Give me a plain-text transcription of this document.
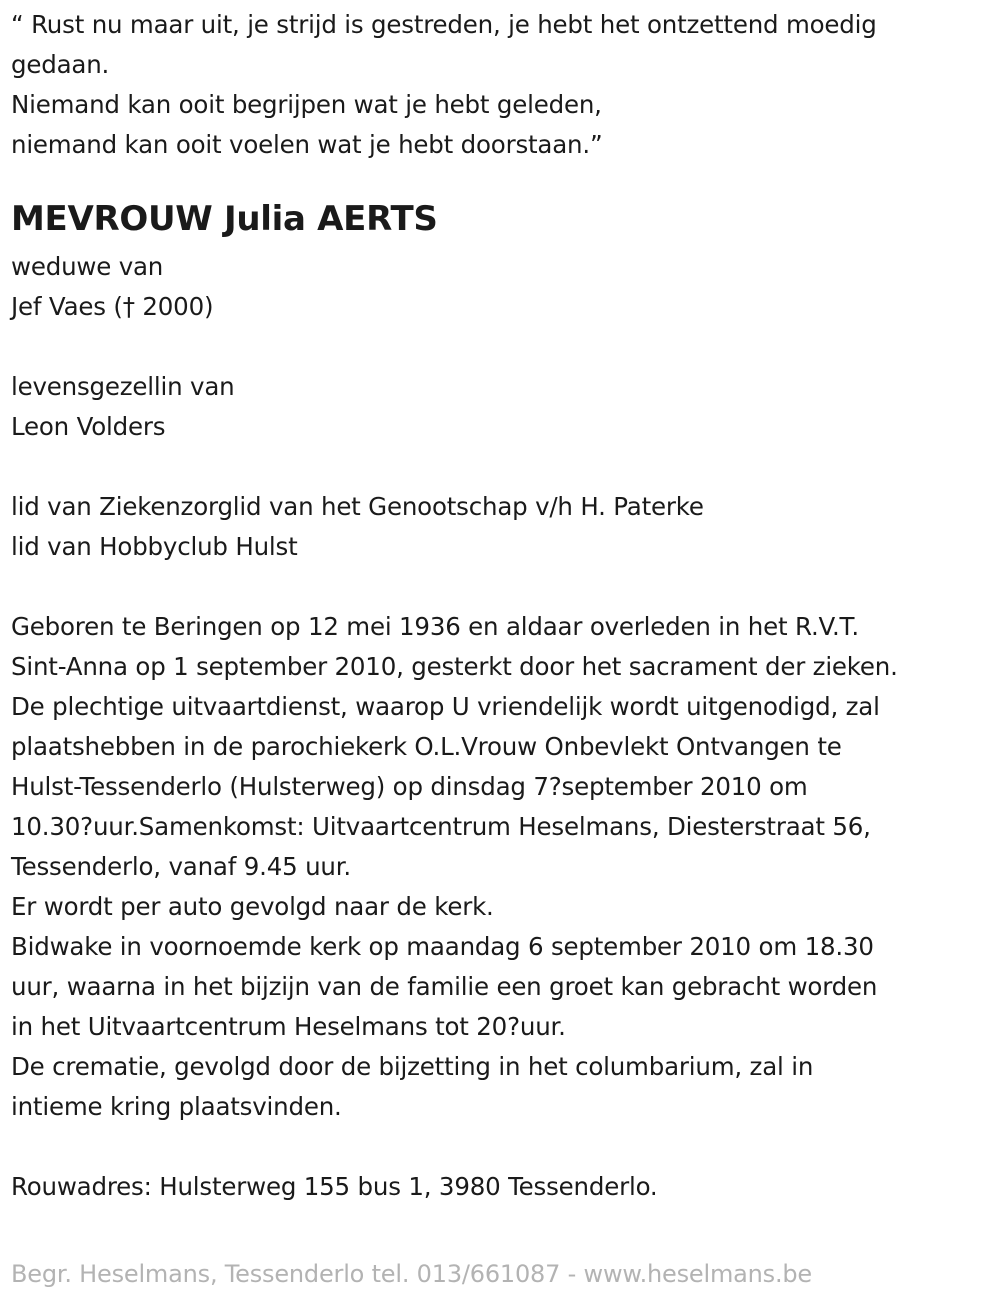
“ Rust nu maar uit, je strijd is gestreden, je hebt het ontzettend moedig
gedaan.
Niemand kan ooit begrijpen wat je hebt geleden,
niemand kan ooit voelen wat je hebt doorstaan.”
MEVROUW Julia AERTS
weduwe van
Jef Vaes († 2000)
levensgezellin van
Leon Volders
lid van Ziekenzorglid van het Genootschap v/h H. Paterke
lid van Hobbyclub Hulst
Geboren te Beringen op 12 mei 1936 en aldaar overleden in het R.V.T.
Sint-Anna op 1 september 2010, gesterkt door het sacrament der zieken.
De plechtige uitvaartdienst, waarop U vriendelijk wordt uitgenodigd, zal
plaatshebben in de parochiekerk O.L.Vrouw Onbevlekt Ontvangen te
Hulst-Tessenderlo (Hulsterweg) op dinsdag 7?september 2010 om
10.30?uur.Samenkomst: Uitvaartcentrum Heselmans, Diesterstraat 56,
Tessenderlo, vanaf 9.45 uur.
Er wordt per auto gevolgd naar de kerk.
Bidwake in voornoemde kerk op maandag 6 september 2010 om 18.30
uur, waarna in het bijzijn van de familie een groet kan gebracht worden
in het Uitvaartcentrum Heselmans tot 20?uur.
De crematie, gevolgd door de bijzetting in het columbarium, zal in
intieme kring plaatsvinden.
Rouwadres: Hulsterweg 155 bus 1, 3980 Tessenderlo.
Begr. Heselmans, Tessenderlo tel. 013/661087 - www.heselmans.be
